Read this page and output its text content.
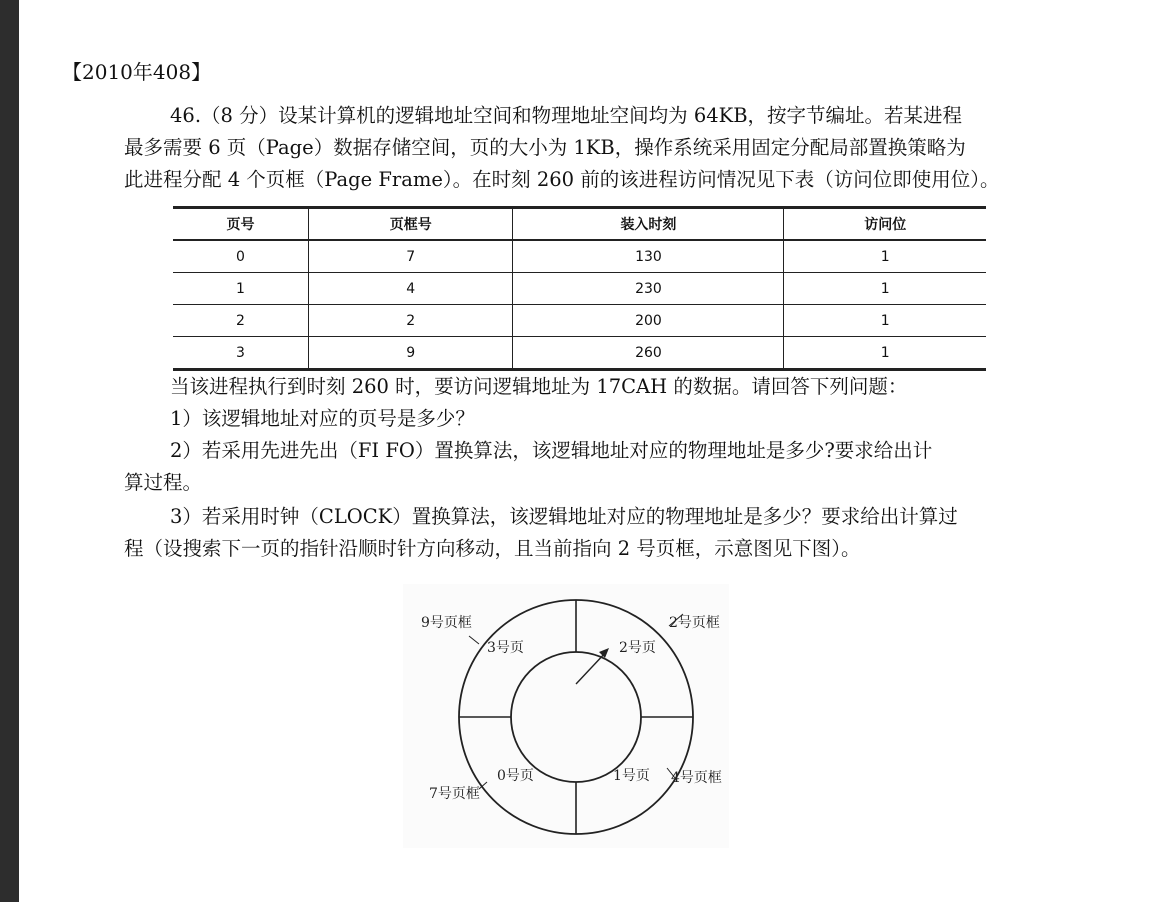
【2010年408】
46.（8 分）设某计算机的逻辑地址空间和物理地址空间均为 64KB，按字节编址。若某进程
最多需要 6 页（Page）数据存储空间，页的大小为 1KB，操作系统采用固定分配局部置换策略为
此进程分配 4 个页框（Page Frame）。在时刻 260 前的该进程访问情况见下表（访问位即使用位）。
页号	页框号	装入时刻	访问位
0	7	130	1
1	4	230	1
2	2	200	1
3	9	260	1
当该进程执行到时刻 260 时，要访问逻辑地址为 17CAH 的数据。请回答下列问题：
1）该逻辑地址对应的页号是多少？
2）若采用先进先出（FI FO）置换算法，该逻辑地址对应的物理地址是多少?要求给出计
算过程。
3）若采用时钟（CLOCK）置换算法，该逻辑地址对应的物理地址是多少？要求给出计算过
程（设搜索下一页的指针沿顺时针方向移动，且当前指向 2 号页框，示意图见下图）。
9号页框	2号页框
4号页框
7号页框
3号页	2号页
1号页
0号页
